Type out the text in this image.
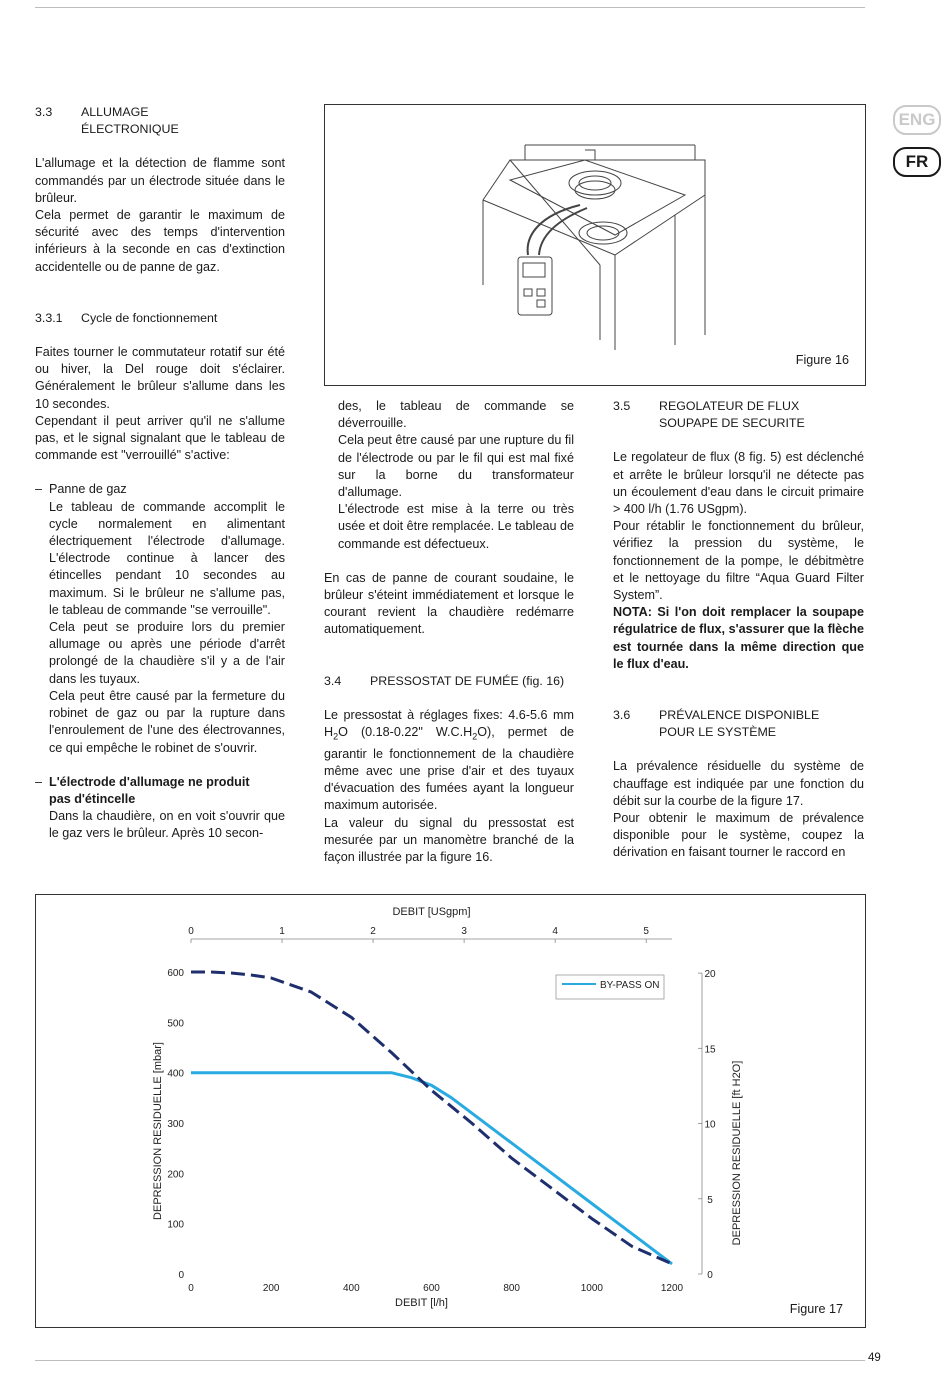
49
ENG
FR
3.3 ALLUMAGE
ÉLECTRONIQUE

L'allumage et la détection de flamme sont commandés par un électrode située dans le brûleur.

Cela permet de garantir le maximum de sécurité avec des temps d'intervention inférieurs à la seconde en cas d'extinction accidentelle ou de panne de gaz.

3.3.1 Cycle de fonctionnement

Faites tourner le commutateur rotatif sur été ou hiver, la Del rouge doit s'éclairer. Généralement le brûleur s'allume dans les 10 secondes.

Cependant il peut arriver qu'il ne s'allume pas, et le signal signalant que le tableau de commande est "verrouillé" s'active:

– Panne de gaz

Le tableau de commande accomplit le cycle normalement en alimentant électriquement l'électrode d'allumage. L'électrode continue à lancer des étincelles pendant 10 secondes au maximum. Si le brûleur ne s'allume pas, le tableau de commande "se verrouille".

Cela peut se produire lors du premier allumage ou après une période d'arrêt prolongé de la chaudière s'il y a de l'air dans les tuyaux.

Cela peut être causé par la fermeture du robinet de gaz ou par la rupture dans l'enroulement de l'une des électrovannes, ce qui empêche le robinet de s'ouvrir.

– L'électrode d'allumage ne produit

pas d'étincelle

Dans la chaudière, on en voit s'ouvrir que le gaz vers le brûleur. Après 10 secon-

Figure 16

des, le tableau de commande se déverrouille.

Cela peut être causé par une rupture du fil de l'électrode ou par le fil qui est mal fixé sur la borne du transformateur d'allumage.

L'électrode est mise à la terre ou très usée et doit être remplacée. Le tableau de commande est défectueux.

En cas de panne de courant soudaine, le brûleur s'éteint immédiatement et lorsque le courant revient la chaudière redémarre automatiquement.

3.4 PRESSOSTAT DE FUMÉE (fig. 16)

Le pressostat à réglages fixes: 4.6-5.6 mm $H_2O$ (0.18-0.22" $W.C.H_2O$), permet de garantir le fonctionnement de la chaudière même avec une prise d'air et des tuyaux d'évacuation des fumées ayant la longueur maximum autorisée.

La valeur du signal du pressostat est mesurée par un manomètre branché de la façon illustrée par la figure 16.

3.5 REGOLATEUR DE FLUX
SOUPAPE DE SECURITE

Le regolateur de flux (8 fig. 5) est déclenché et arrête le brûleur lorsqu'il ne détecte pas un écoulement d'eau dans le circuit primaire > 400 l/h (1.76 USgpm).

Pour rétablir le fonctionnement du brûleur, vérifiez la pression du système, le fonctionnement de la pompe, le débitmètre et le nettoyage du filtre “Aqua Guard Filter System”.

NOTA: Si l'on doit remplacer la soupape régulatrice de flux, s'assurer que la flèche est tournée dans la même direction que le flux d'eau.

3.6 PRÉVALENCE DISPONIBLE
POUR LE SYSTÈME

La prévalence résiduelle du système de chauffage est indiquée par une fonction du débit sur la courbe de la figure 17.

Pour obtenir le maximum de prévalence disponible pour le système, coupez la dérivation en faisant tourner le raccord en

0	200	400	600	800	1000	1200
0
100
200
300
400
500
600
0	1	2	3	4	5
0
5
10
15
20
DEBIT [USgpm]
DEBIT [l/h]
DEPRESSION RESIDUELLE [mbar]	DEPRESSION RESIDUELLE [ft H2O]
BY-PASS ON
Figure 17
